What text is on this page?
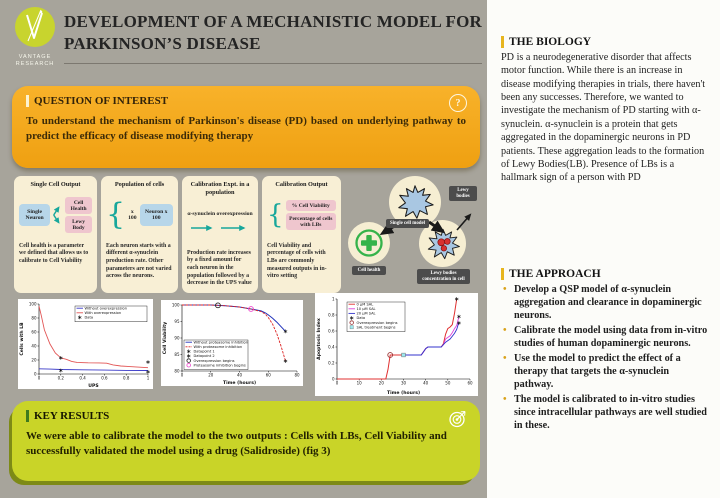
VANTAGE
RESEARCH
DEVELOPMENT OF A MECHANISTIC MODEL FOR PARKINSON’S DISEASE
QUESTION OF INTEREST	?
To understand the mechanism of Parkinson's disease (PD) based on underlying pathway to predict the efficacy of disease modifying therapy
Single Cell Output
Single Neuron
Cell Health
Lewy Body
Cell health is a parameter we defined that allows us to calibrate to Cell Viability
Population of cells
{	x 100
Neuron x 100
Each neuron starts with a different α-synuclein production rate. Other parameters are not varied across the neurons.
Calibration Expt. in a population
α-synuclein overexpression
Production rate increases by a fixed amount for each neuron in the population followed by a decrease in the UPS value
Calibration Output
{	% Cell Viability
Percentage of cells with LBs
Cell Viability and percentage of cells with LBs are commonly measured outputs in in-vitro setting
Single cell model
Lewy bodies
Cell health
Lewy bodies concentration in cell
0	0.2	0.4	0.6	0.8	1
0
20
40
60
80
100
UPS
Cells with LB
Without overexpression
With overexpression
Data
0	20	40	60	80
80
85
90
95
100
Time (hours)
Cell Viability	Without proteasome inhibition
With proteasome inhibition
Datapoint 1
Datapoint 2
Overexpression begins
Proteasome inhibition begins
0	10	20	30	40	50	60
0
0.2
0.4
0.6
0.8
1
Time (hours)
Apoptosis Index
0 μM SAL
10 μM SAL
20 μM SAL
Data
Overexpression begins
SAL treatment begins
KEY RESULTS
We were able to calibrate the model to the two outputs : Cells with LBs, Cell Viability and successfully validated the model using a drug (Salidroside) (fig 3)
THE BIOLOGY
PD is a neurodegenerative disorder that affects motor function. While there is an increase in disease modifying therapies in trials, there haven't been any successes. Therefore, we wanted to investigate the mechanism of PD starting with α-synuclein. α-synuclein is a protein that gets aggregated in the dopaminergic neurons in PD patients. These aggregation leads to the formation of Lewy Bodies(LB). Presence of LBs is a hallmark sign of a person with PD
THE APPROACH
• Develop a QSP model of α-synuclein aggregation and clearance in dopaminergic neurons.
• Calibrate the model using data from in-vitro studies of human dopaminergic neurons.
• Use the model to predict the effect of a therapy that targets the α-synuclein pathway.
• The model is calibrated to in-vitro studies since intracellular pathways are well studied in these.
